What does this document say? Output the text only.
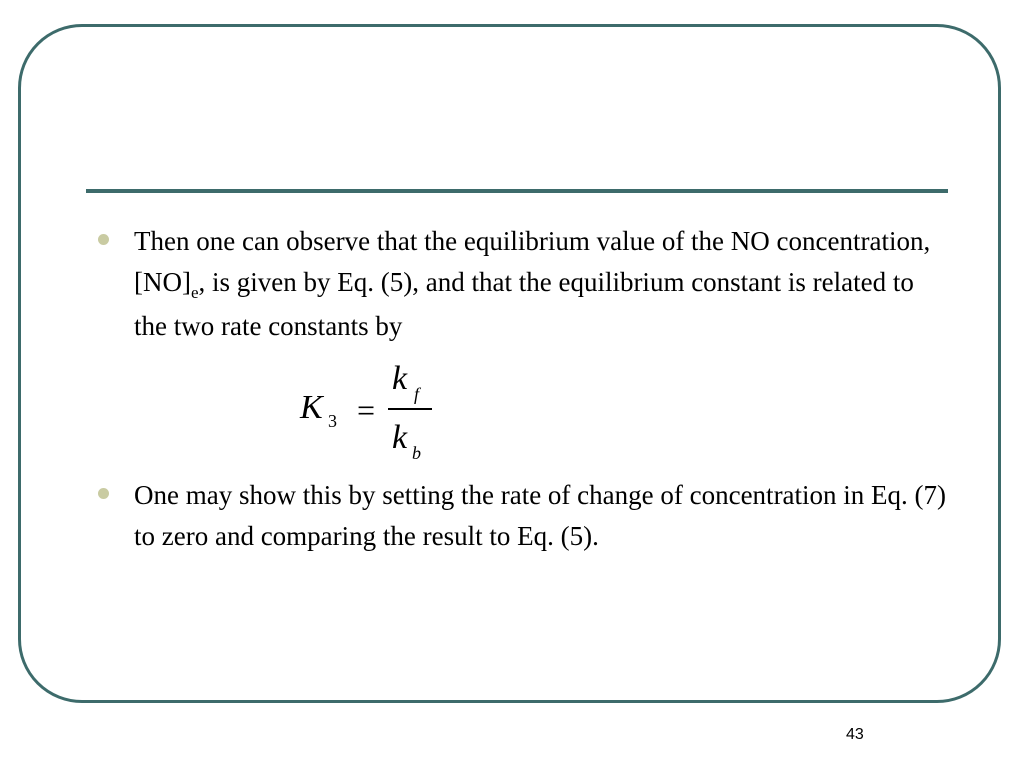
Then one can observe that the equilibrium value of the NO concentration, $[NO]_e$, is given by Eq. (5), and that the equilibrium constant is related to the two rate constants by
K 3 =
k f
k b
One may show this by setting the rate of change of concentration in Eq. (7) to zero and comparing the result to Eq. (5).
43
